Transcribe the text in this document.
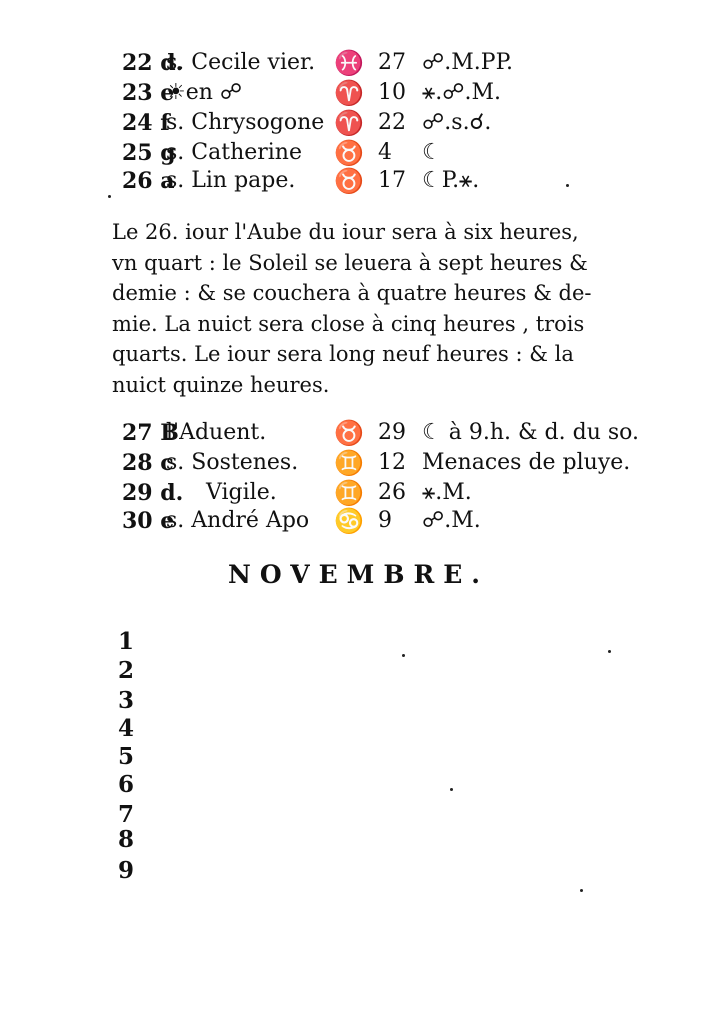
22 d.
s. Cecile vier. ♓ 27 ☍.M.PP.
23 e
☀en ☍	♈ 10 ⚹.☍.M.
24 f
s. Chrysogone ♈ 22 ☍.s.☌.
25 g
s. Catherine ♉ 4 ☾
26 a
s. Lin pape. ♉ 17 ☾P.⚹.
Le 26. iour l'Aube du iour sera à six heures,
vn quart : le Soleil se leuera à sept heures &
demie : & se couchera à quatre heures & de-
mie. La nuict sera close à cinq heures , trois
quarts. Le iour sera long neuf heures : & la
nuict quinze heures.
27 B
l'Aduent.	♉ 29 ☾ à 9.h. & d. du so.
28 c
s. Sostenes. ♊ 12 Menaces de pluye.
29 d. Vigile. ♊ 26 ⚹.M.
30 e
s. André Apo ♋ 9 ☍.M.
NOVEMBRE.
1
2
3
4
5
6
7
8
9
